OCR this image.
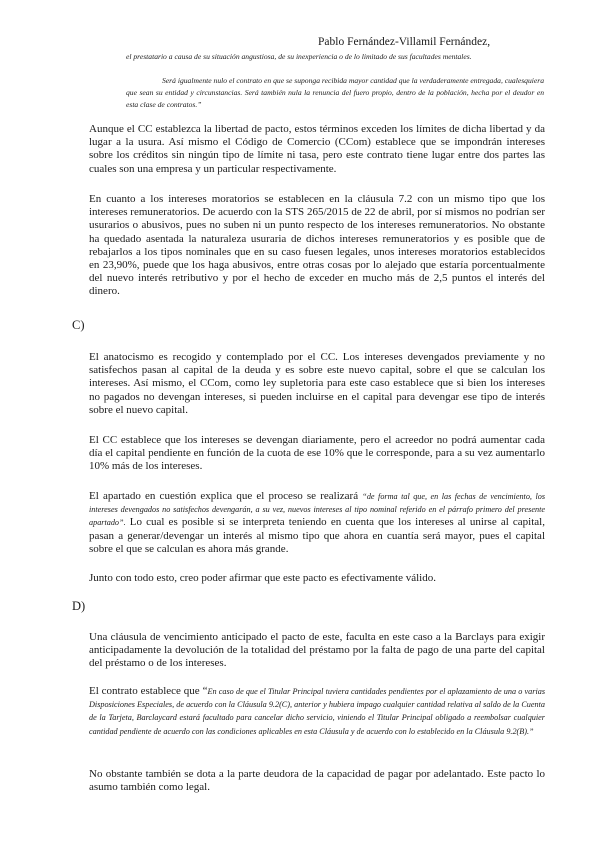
Pablo Fernández-Villamil Fernández,

el prestatario a causa de su situación angustiosa, de su inexperiencia o de lo limitado de sus facultades mentales.

Será igualmente nulo el contrato en que se suponga recibida mayor cantidad que la verdaderamente entregada, cualesquiera que sean su entidad y circunstancias. Será también nula la renuncia del fuero propio, dentro de la población, hecha por el deudor en esta clase de contratos.”

Aunque el CC establezca la libertad de pacto, estos términos exceden los límites de dicha libertad y da lugar a la usura. Así mismo el Código de Comercio (CCom) establece que se impondrán intereses sobre los créditos sin ningún tipo de límite ni tasa, pero este contrato tiene lugar entre dos partes las cuales son una empresa y un particular respectivamente.

En cuanto a los intereses moratorios se establecen en la cláusula 7.2 con un mismo tipo que los intereses remuneratorios. De acuerdo con la STS 265/2015 de 22 de abril, por sí mismos no podrían ser usurarios o abusivos, pues no suben ni un punto respecto de los intereses remuneratorios. No obstante ha quedado asentada la naturaleza usuraria de dichos intereses remuneratorios y es posible que de rebajarlos a los tipos nominales que en su caso fuesen legales, unos intereses moratorios establecidos en 23,90%, puede que los haga abusivos, entre otras cosas por lo alejado que estaría porcentualmente del nuevo interés retributivo y por el hecho de exceder en mucho más de 2,5 puntos el interés del dinero.

C)

El anatocismo es recogido y contemplado por el CC. Los intereses devengados previamente y no satisfechos pasan al capital de la deuda y es sobre este nuevo capital, sobre el que se calculan los intereses. Así mismo, el CCom, como ley supletoria para este caso establece que si bien los intereses no pagados no devengan intereses, si pueden incluirse en el capital para devengar ese tipo de interés sobre el nuevo capital.

El CC establece que los intereses se devengan diariamente, pero el acreedor no podrá aumentar cada día el capital pendiente en función de la cuota de ese 10% que le corresponde, para a su vez aumentarlo 10% más de los intereses.

El apartado en cuestión explica que el proceso se realizará “de forma tal que, en las fechas de vencimiento, los intereses devengados no satisfechos devengarán, a su vez, nuevos intereses al tipo nominal referido en el párrafo primero del presente apartado”. Lo cual es posible si se interpreta teniendo en cuenta que los intereses al unirse al capital, pasan a generar/devengar un interés al mismo tipo que ahora en cuantía será mayor, pues el capital sobre el que se calculan es ahora más grande.

Junto con todo esto, creo poder afirmar que este pacto es efectivamente válido.

D)

Una cláusula de vencimiento anticipado el pacto de este, faculta en este caso a la Barclays para exigir anticipadamente la devolución de la totalidad del préstamo por la falta de pago de una parte del capital del préstamo o de los intereses.

El contrato establece que “En caso de que el Titular Principal tuviera cantidades pendientes por el aplazamiento de una o varias Disposiciones Especiales, de acuerdo con la Cláusula 9.2(C), anterior y hubiera impago cualquier cantidad relativa al saldo de la Cuenta de la Tarjeta, Barclaycard estará facultado para cancelar dicho servicio, viniendo el Titular Principal obligado a reembolsar cualquier cantidad pendiente de acuerdo con las condiciones aplicables en esta Cláusula y de acuerdo con lo establecido en la Cláusula 9.2(B).”

No obstante también se dota a la parte deudora de la capacidad de pagar por adelantado. Este pacto lo asumo también como legal.
